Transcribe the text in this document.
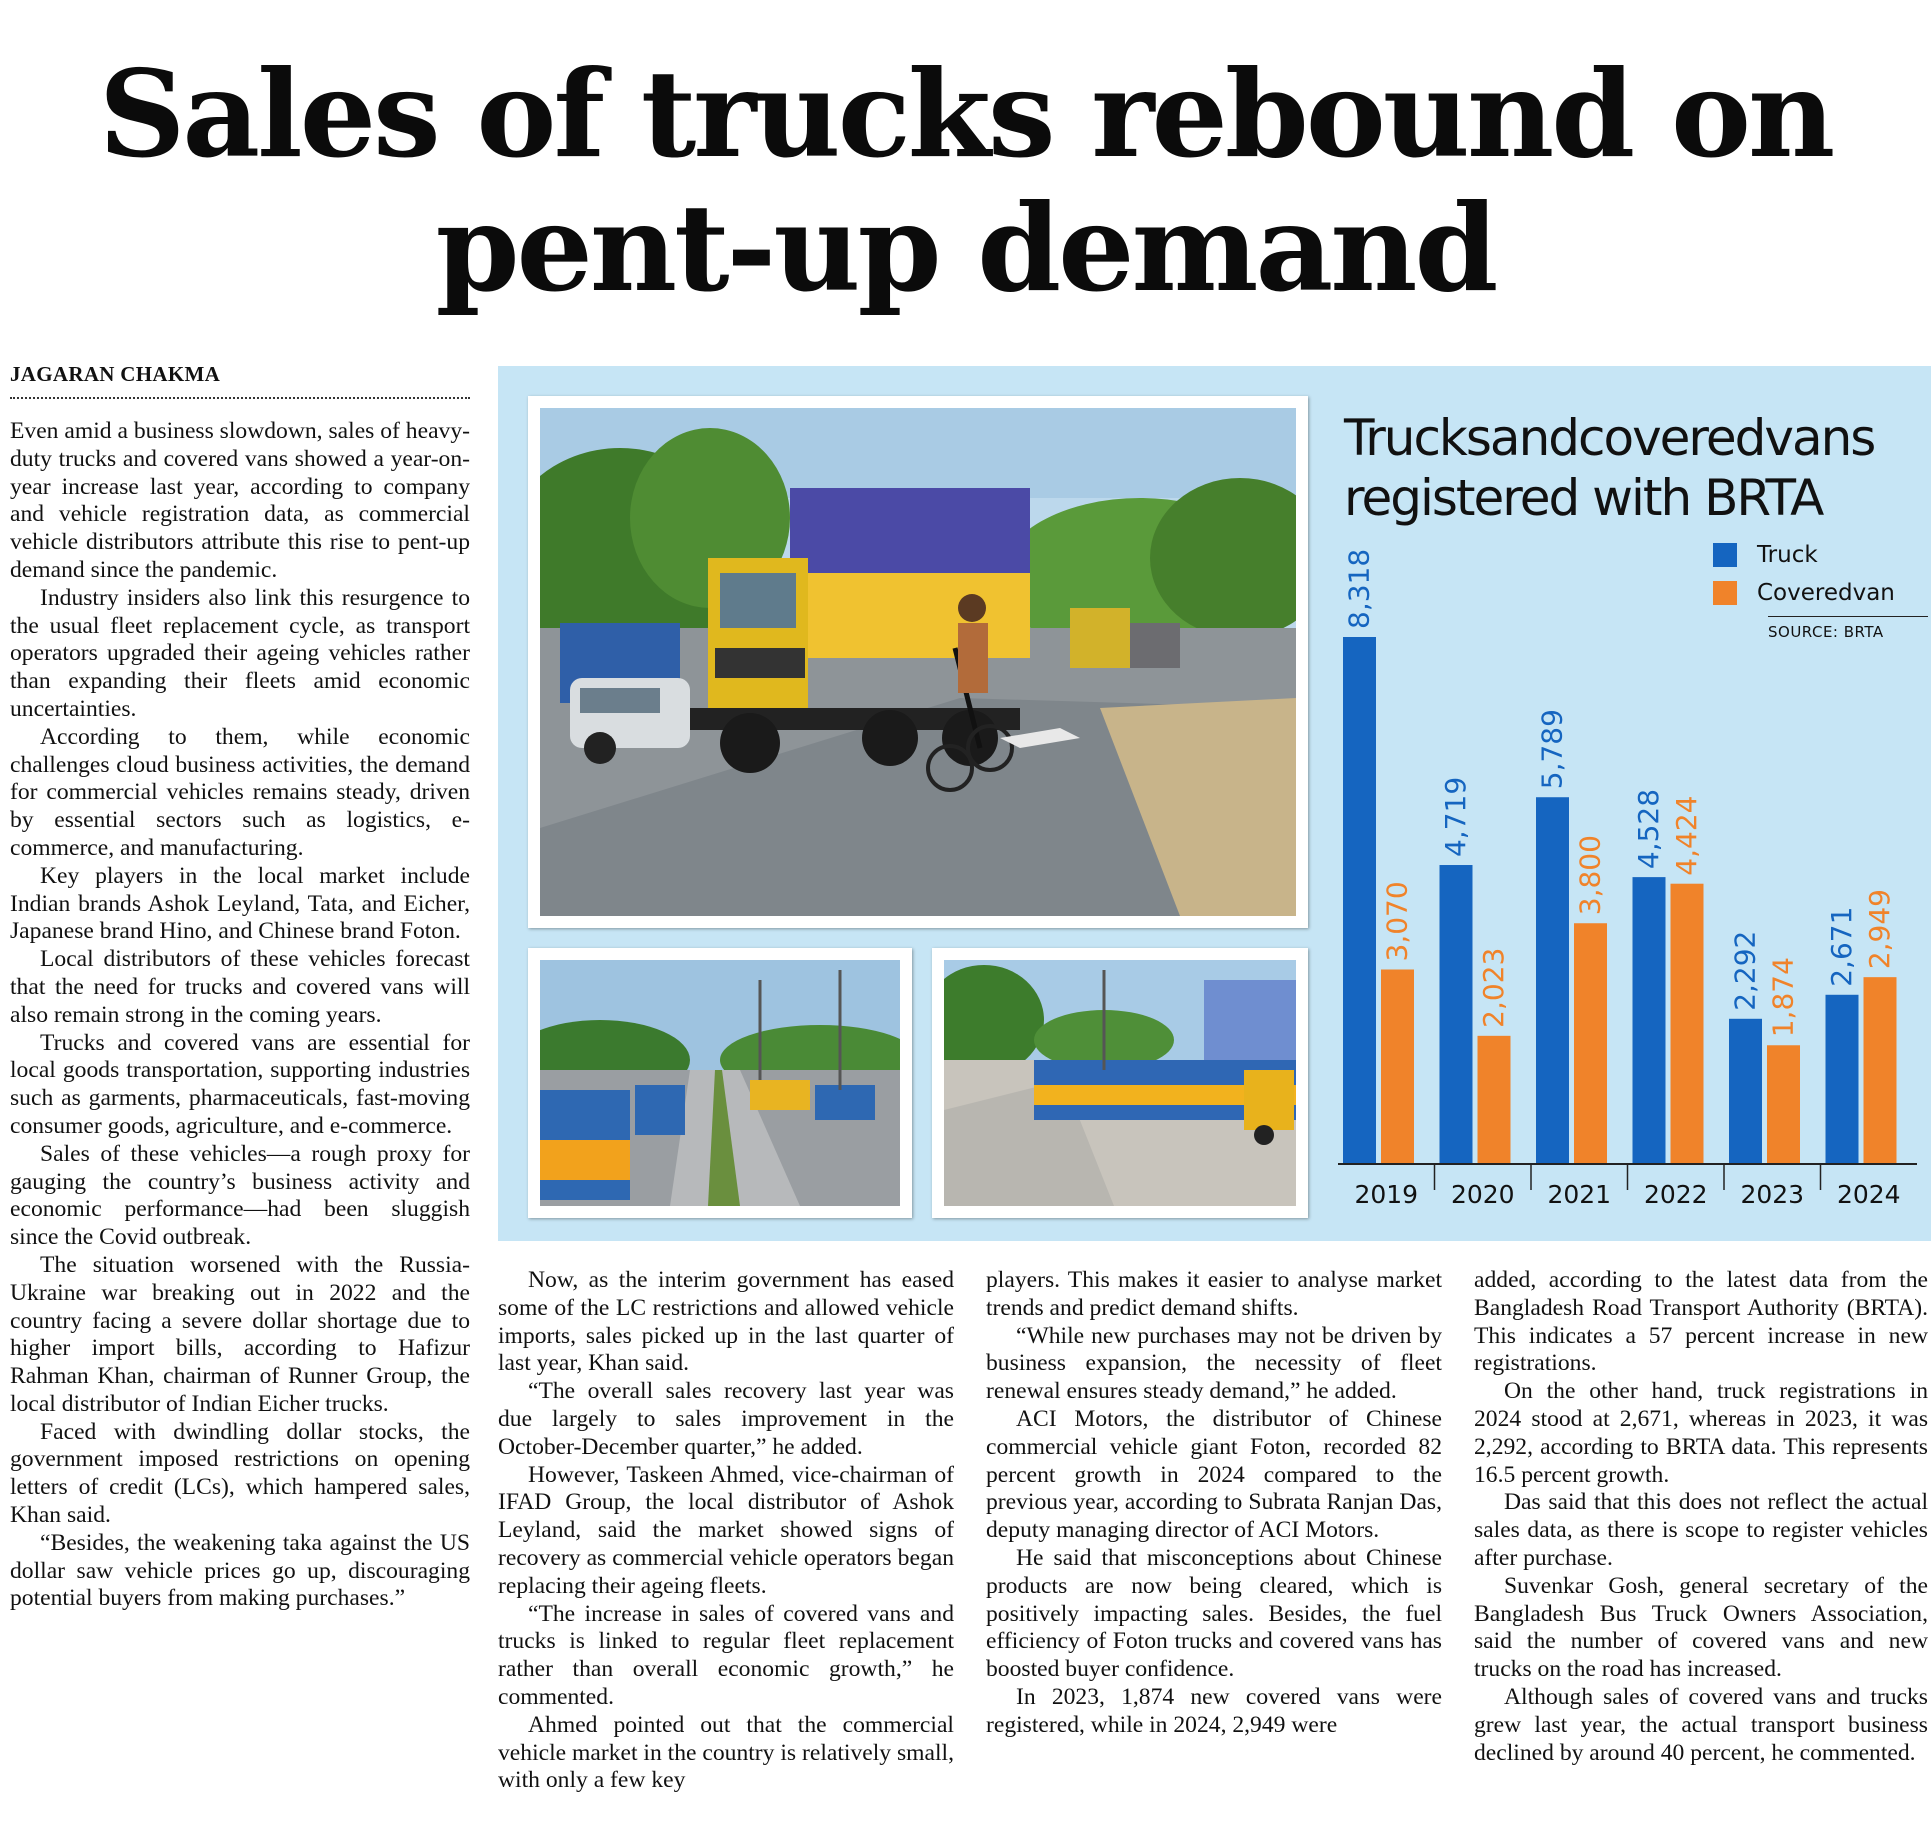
Sales of trucks rebound on
pent-up demand
JAGARAN CHAKMA

Even amid a business slowdown, sales of heavy-duty trucks and covered vans showed a year-on-year increase last year, according to company and vehicle registration data, as commercial vehicle distributors attribute this rise to pent-up demand since the pandemic.

Industry insiders also link this resurgence to the usual fleet replacement cycle, as transport operators upgraded their ageing vehicles rather than expanding their fleets amid economic uncertainties.

According to them, while economic challenges cloud business activities, the demand for commercial vehicles remains steady, driven by essential sectors such as logistics, e-commerce, and manufacturing.

Key players in the local market include Indian brands Ashok Leyland, Tata, and Eicher, Japanese brand Hino, and Chinese brand Foton.

Local distributors of these vehicles forecast that the need for trucks and covered vans will also remain strong in the coming years.

Trucks and covered vans are essential for local goods transportation, supporting industries such as garments, pharmaceuticals, fast-moving consumer goods, agriculture, and e-commerce.

Sales of these vehicles—a rough proxy for gauging the country’s business activity and economic performance—had been sluggish since the Covid outbreak.

The situation worsened with the Russia-Ukraine war breaking out in 2022 and the country facing a severe dollar shortage due to higher import bills, according to Hafizur Rahman Khan, chairman of Runner Group, the local distributor of Indian Eicher trucks.

Faced with dwindling dollar stocks, the government imposed restrictions on opening letters of credit (LCs), which hampered sales, Khan said.

“Besides, the weakening taka against the US dollar saw vehicle prices go up, discouraging potential buyers from making purchases.”

Now, as the interim government has eased some of the LC restrictions and allowed vehicle imports, sales picked up in the last quarter of last year, Khan said.

“The overall sales recovery last year was due largely to sales improvement in the October-December quarter,” he added.

However, Taskeen Ahmed, vice-chairman of IFAD Group, the local distributor of Ashok Leyland, said the market showed signs of recovery as commercial vehicle operators began replacing their ageing fleets.

“The increase in sales of covered vans and trucks is linked to regular fleet replacement rather than overall economic growth,” he commented.

Ahmed pointed out that the commercial vehicle market in the country is relatively small, with only a few key

players. This makes it easier to analyse market trends and predict demand shifts.

“While new purchases may not be driven by business expansion, the necessity of fleet renewal ensures steady demand,” he added.

ACI Motors, the distributor of Chinese commercial vehicle giant Foton, recorded 82 percent growth in 2024 compared to the previous year, according to Subrata Ranjan Das, deputy managing director of ACI Motors.

He said that misconceptions about Chinese products are now being cleared, which is positively impacting sales. Besides, the fuel efficiency of Foton trucks and covered vans has boosted buyer confidence.

In 2023, 1,874 new covered vans were registered, while in 2024, 2,949 were

added, according to the latest data from the Bangladesh Road Transport Authority (BRTA). This indicates a 57 percent increase in new registrations.

On the other hand, truck registrations in 2024 stood at 2,671, whereas in 2023, it was 2,292, according to BRTA data. This represents 16.5 percent growth.

Das said that this does not reflect the actual sales data, as there is scope to register vehicles after purchase.

Suvenkar Gosh, general secretary of the Bangladesh Bus Truck Owners Association, said the number of covered vans and new trucks on the road has increased.

Although sales of covered vans and trucks grew last year, the actual transport business declined by around 40 percent, he commented.

Trucksandcoveredvans
registered with BRTA
Truck
Coveredvan
SOURCE: BRTA
8,318
3,070
2019
4,719
2,023
2020
5,789
3,800
2021
4,528 4,424
2022
2,292 1,874
2023
2,671 2,949
2024
